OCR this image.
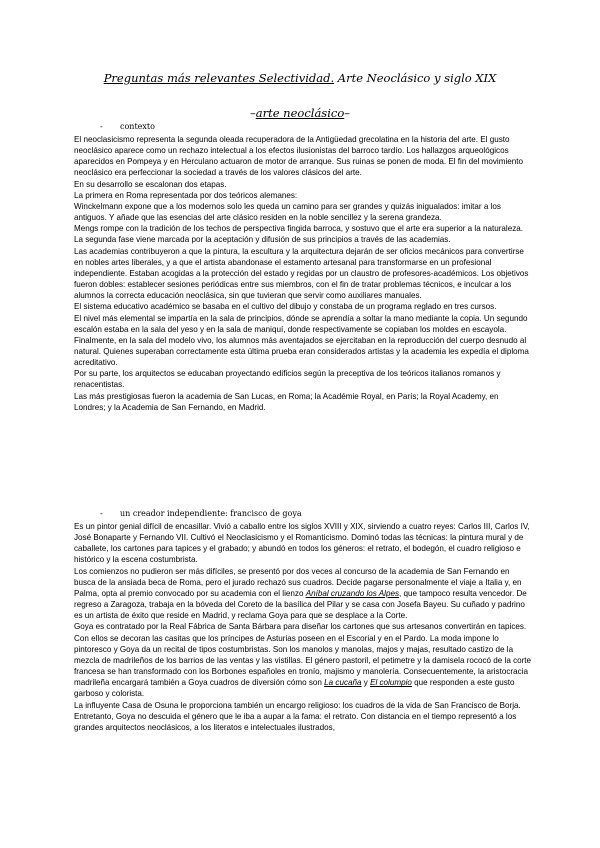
Preguntas más relevantes Selectividad. Arte Neoclásico y siglo XIX
–arte neoclásico–
- contexto

El neoclasicismo representa la segunda oleada recuperadora de la Antigüedad grecolatina en la historia del arte. El gusto neoclásico aparece como un rechazo intelectual a los efectos ilusionistas del barroco tardío. Los hallazgos arqueológicos aparecidos en Pompeya y en Herculano actuaron de motor de arranque. Sus ruinas se ponen de moda. El fin del movimiento neoclásico era perfeccionar la sociedad a través de los valores clásicos del arte.

En su desarrollo se escalonan dos etapas.

La primera en Roma representada por dos teóricos alemanes:

Winckelmann expone que a los modernos solo les queda un camino para ser grandes y quizás inigualados: imitar a los antiguos. Y añade que las esencias del arte clásico residen en la noble sencillez y la serena grandeza.

Mengs rompe con la tradición de los techos de perspectiva fingida barroca, y sostuvo que el arte era superior a la naturaleza.

La segunda fase viene marcada por la aceptación y difusión de sus principios a través de las academias.

Las academias contribuyeron a que la pintura, la escultura y la arquitectura dejarán de ser oficios mecánicos para convertirse en nobles artes liberales, y a que el artista abandonase el estamento artesanal para transformarse en un profesional independiente. Estaban acogidas a la protección del estado y regidas por un claustro de profesores-académicos. Los objetivos fueron dobles: establecer sesiones periódicas entre sus miembros, con el fin de tratar problemas técnicos, e inculcar a los alumnos la correcta educación neoclásica, sin que tuvieran que servir como auxiliares manuales.

El sistema educativo académico se basaba en el cultivo del dibujo y constaba de un programa reglado en tres cursos.

El nivel más elemental se impartía en la sala de principios, dónde se aprendía a soltar la mano mediante la copia. Un segundo escalón estaba en la sala del yeso y en la sala de maniquí, donde respectivamente se copiaban los moldes en escayola. Finalmente, en la sala del modelo vivo, los alumnos más aventajados se ejercitaban en la reproducción del cuerpo desnudo al natural. Quienes superaban correctamente esta última prueba eran considerados artistas y la academia les expedía el diploma acreditativo.

Por su parte, los arquitectos se educaban proyectando edificios según la preceptiva de los teóricos italianos romanos y renacentistas.

Las más prestigiosas fueron la academia de San Lucas, en Roma; la Académie Royal, en París; la Royal Academy, en Londres; y la Academia de San Fernando, en Madrid.

- un creador independiente: francisco de goya

Es un pintor genial difícil de encasillar. Vivió a caballo entre los siglos XVIII y XIX, sirviendo a cuatro reyes: Carlos III, Carlos IV, José Bonaparte y Fernando VII. Cultivó el Neoclasicismo y el Romanticismo. Dominó todas las técnicas: la pintura mural y de caballete, los cartones para tapices y el grabado; y abundó en todos los géneros: el retrato, el bodegón, el cuadro religioso e histórico y la escena costumbrista.

Los comienzos no pudieron ser más difíciles, se presentó por dos veces al concurso de la academia de San Fernando en busca de la ansiada beca de Roma, pero el jurado rechazó sus cuadros. Decide pagarse personalmente el viaje a Italia y, en Palma, opta al premio convocado por su academia con el lienzo Aníbal cruzando los Alpes, que tampoco resulta vencedor. De regreso a Zaragoza, trabaja en la bóveda del Coreto de la basílica del Pilar y se casa con Josefa Bayeu. Su cuñado y padrino es un artista de éxito que reside en Madrid, y reclama Goya para que se desplace a la Corte.

Goya es contratado por la Real Fábrica de Santa Bárbara para diseñar los cartones que sus artesanos convertirán en tapices. Con ellos se decoran las casitas que los príncipes de Asturias poseen en el Escorial y en el Pardo. La moda impone lo pintoresco y Goya da un recital de tipos costumbristas. Son los manolos y manolas, majos y majas, resultado castizo de la mezcla de madrileños de los barrios de las ventas y las vistillas. El género pastoril, el petimetre y la damisela rococó de la corte francesa se han transformado con los Borbones españoles en tronío, majismo y manolería. Consecuentemente, la aristocracia madrileña encargará también a Goya cuadros de diversión cómo son La cucaña y El columpio que responden a este gusto garboso y colorista.

La influyente Casa de Osuna le proporciona también un encargo religioso: los cuadros de la vida de San Francisco de Borja. Entretanto, Goya no descuida el género que le iba a aupar a la fama: el retrato. Con distancia en el tiempo representó a los grandes arquitectos neoclásicos, a los literatos e intelectuales ilustrados,
